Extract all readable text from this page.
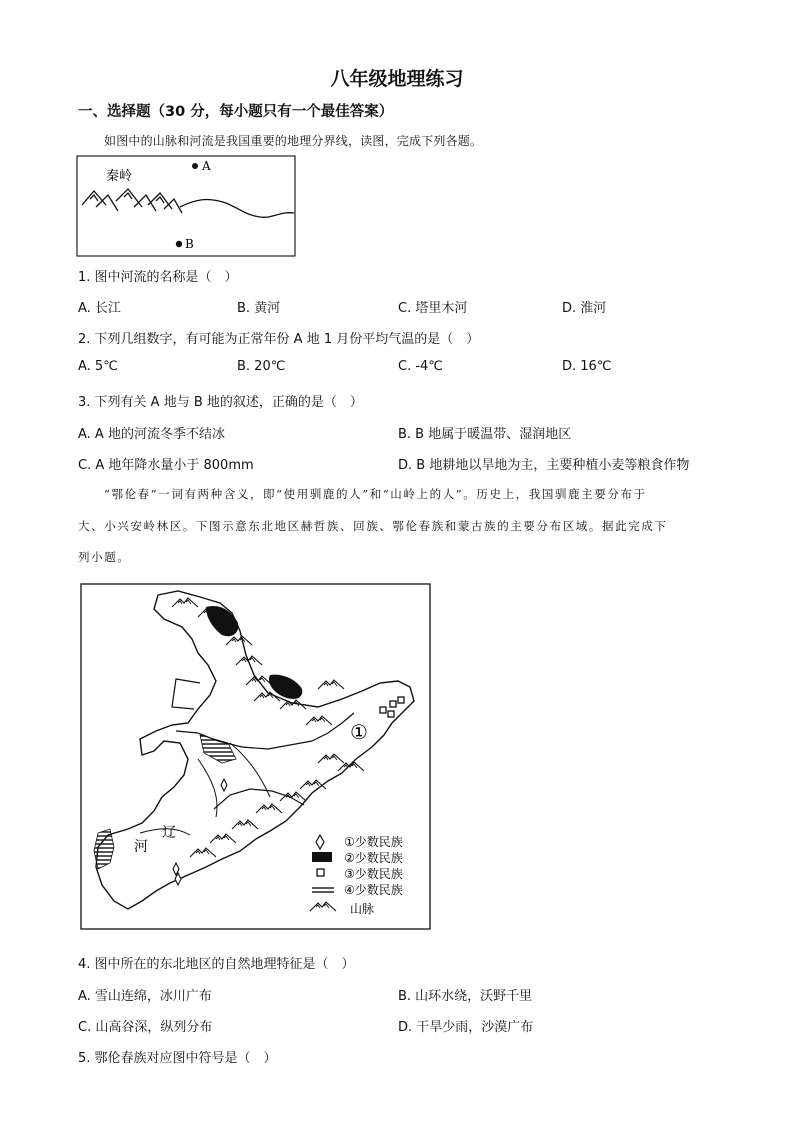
八年级地理练习
一、选择题（30 分，每小题只有一个最佳答案）
如图中的山脉和河流是我国重要的地理分界线，读图，完成下列各题。
秦岭
A
B
1. 图中河流的名称是（　）
A. 长江	B. 黄河	C. 塔里木河	D. 淮河
2. 下列几组数字，有可能为正常年份 A 地 1 月份平均气温的是（　）
A. 5℃	B. 20℃	C. -4℃	D. 16℃
3. 下列有关 A 地与 B 地的叙述，正确的是（　）
A. A 地的河流冬季不结冰	B. B 地属于暖温带、湿润地区
C. A 地年降水量小于 800mm	D. B 地耕地以旱地为主，主要种植小麦等粮食作物
“鄂伦春”一词有两种含义，即“使用驯鹿的人”和“山岭上的人”。历史上，我国驯鹿主要分布于
大、小兴安岭林区。下图示意东北地区赫哲族、回族、鄂伦春族和蒙古族的主要分布区域。据此完成下
列小题。
①
辽
河	①少数民族
②少数民族
③少数民族
④少数民族
山脉
4. 图中所在的东北地区的自然地理特征是（　）
A. 雪山连绵，冰川广布	B. 山环水绕，沃野千里
C. 山高谷深，纵列分布	D. 干旱少雨，沙漠广布
5. 鄂伦春族对应图中符号是（　）
